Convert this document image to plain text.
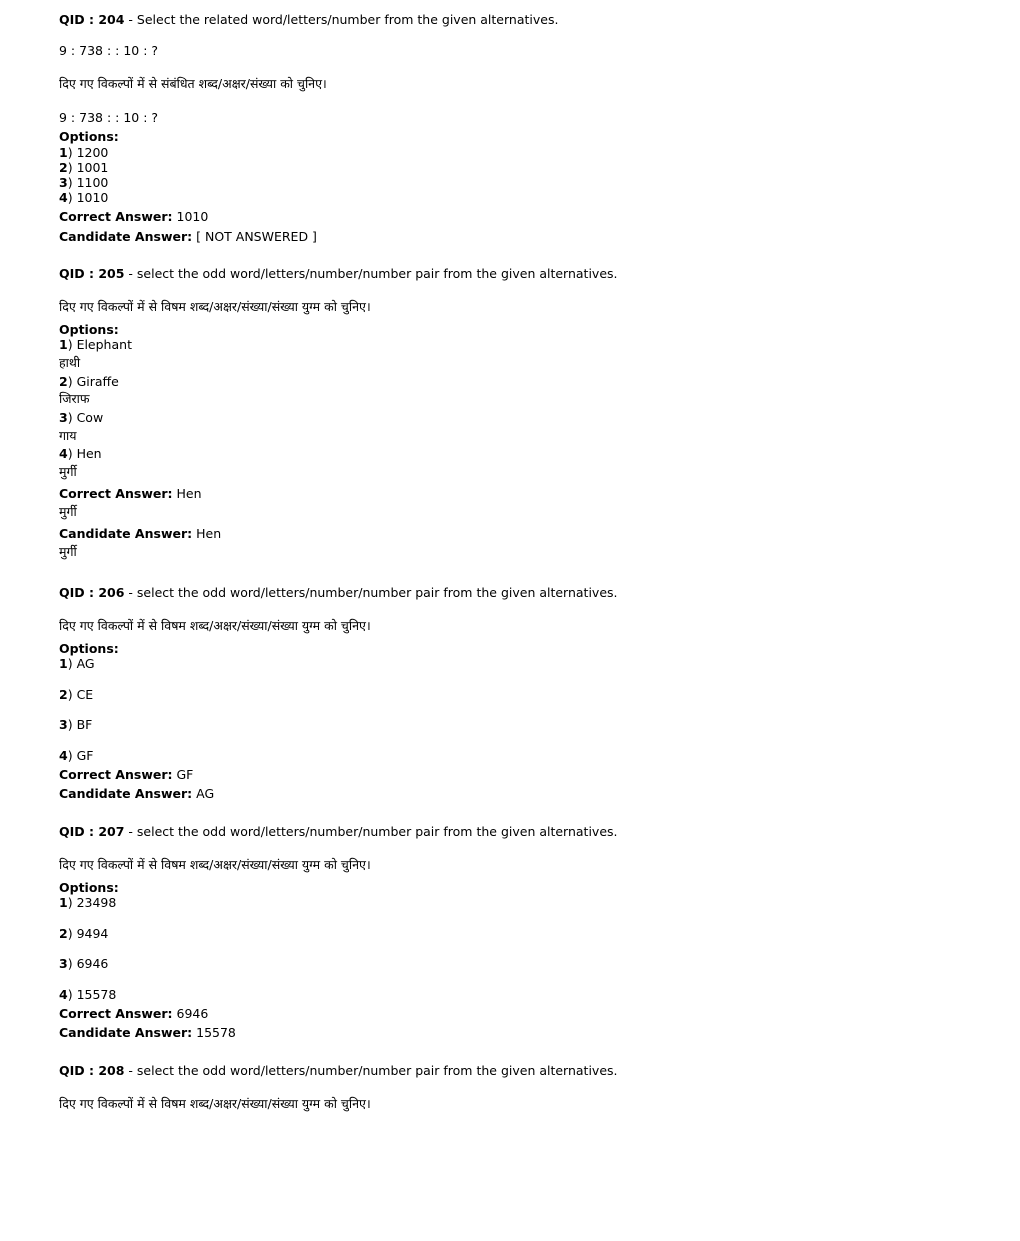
QID : 204 - Select the related word/letters/number from the given alternatives.
9 : 738 : : 10 : ?
दिए गए विकल्पों में से संबंधित शब्द/अक्षर/संख्या को चुनिए।
9 : 738 : : 10 : ?
Options:
1) 1200
2) 1001
3) 1100
4) 1010
Correct Answer: 1010
Candidate Answer: [ NOT ANSWERED ]
QID : 205 - select the odd word/letters/number/number pair from the given alternatives.
दिए गए विकल्पों में से विषम शब्द/अक्षर/संख्या/संख्या युग्म को चुनिए।
Options:
1) Elephant
हाथी
2) Giraffe
जिराफ
3) Cow
गाय
4) Hen
मुर्गी
Correct Answer: Hen
मुर्गी
Candidate Answer: Hen
मुर्गी
QID : 206 - select the odd word/letters/number/number pair from the given alternatives.
दिए गए विकल्पों में से विषम शब्द/अक्षर/संख्या/संख्या युग्म को चुनिए।
Options:
1) AG
2) CE
3) BF
4) GF
Correct Answer: GF
Candidate Answer: AG
QID : 207 - select the odd word/letters/number/number pair from the given alternatives.
दिए गए विकल्पों में से विषम शब्द/अक्षर/संख्या/संख्या युग्म को चुनिए।
Options:
1) 23498
2) 9494
3) 6946
4) 15578
Correct Answer: 6946
Candidate Answer: 15578
QID : 208 - select the odd word/letters/number/number pair from the given alternatives.
दिए गए विकल्पों में से विषम शब्द/अक्षर/संख्या/संख्या युग्म को चुनिए।
